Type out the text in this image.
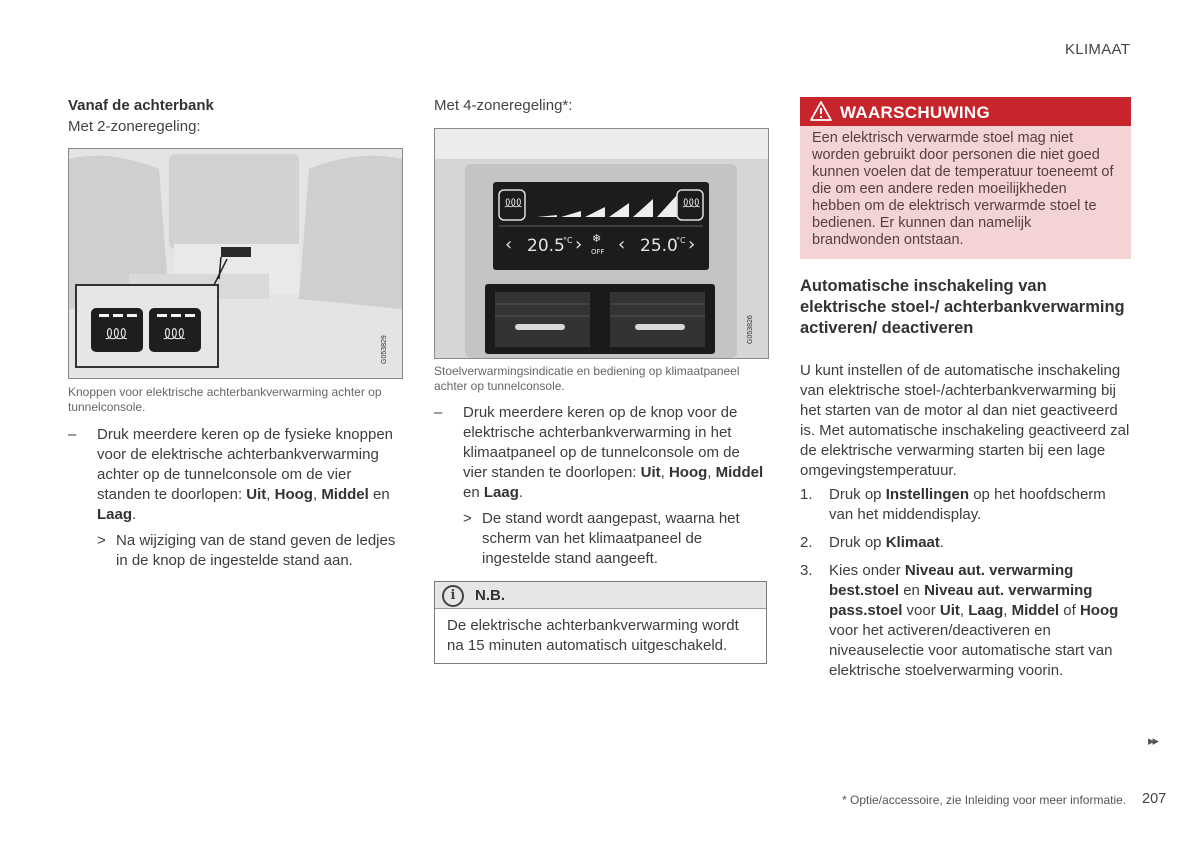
KLIMAAT
Vanaf de achterbank
Met 2-zoneregeling:
⅏ ⅏
G053829
Knoppen voor elektrische achterbankverwarming achter op tunnelconsole.
– Druk meerdere keren op de fysieke knoppen voor de elektrische achterbankverwarming achter op de tunnelconsole om de vier standen te doorlopen: Uit, Hoog, Middel en Laag.
> Na wijziging van de stand geven de ledjes in de knop de ingestelde stand aan.
Met 4-zoneregeling*:
⅏	⅏
‹ 20.5
°C › ❄
OFF ‹ 25.0
°C ›
G053826
Stoelverwarmingsindicatie en bediening op klimaatpaneel achter op tunnelconsole.
– Druk meerdere keren op de knop voor de elektrische achterbankverwarming in het klimaatpaneel op de tunnelconsole om de vier standen te doorlopen: Uit, Hoog, Middel en Laag.
> De stand wordt aangepast, waarna het scherm van het klimaatpaneel de ingestelde stand aangeeft.
i	N.B.
De elektrische achterbankverwarming wordt na 15 minuten automatisch uitgeschakeld.
WAARSCHUWING
Een elektrisch verwarmde stoel mag niet worden gebruikt door personen die niet goed kunnen voelen dat de temperatuur toeneemt of die om een andere reden moeilijkheden hebben om de elektrisch verwarmde stoel te bedienen. Er kunnen dan namelijk brandwonden ontstaan.
Automatische inschakeling van elektrische stoel-/ achterbankverwarming activeren/ deactiveren
U kunt instellen of de automatische inschakeling van elektrische stoel-/achterbankverwarming bij het starten van de motor al dan niet geactiveerd is. Met automatische inschakeling geactiveerd zal de elektrische verwarming starten bij een lage omgevingstemperatuur.
1. Druk op Instellingen op het hoofdscherm van het middendisplay.
2. Druk op Klimaat.
3. Kies onder Niveau aut. verwarming best.stoel en Niveau aut. verwarming pass.stoel voor Uit, Laag, Middel of Hoog voor het activeren/deactiveren en niveauselectie voor automatische start van elektrische stoelverwarming voorin.
▸▸
* Optie/accessoire, zie Inleiding voor meer informatie. 207
